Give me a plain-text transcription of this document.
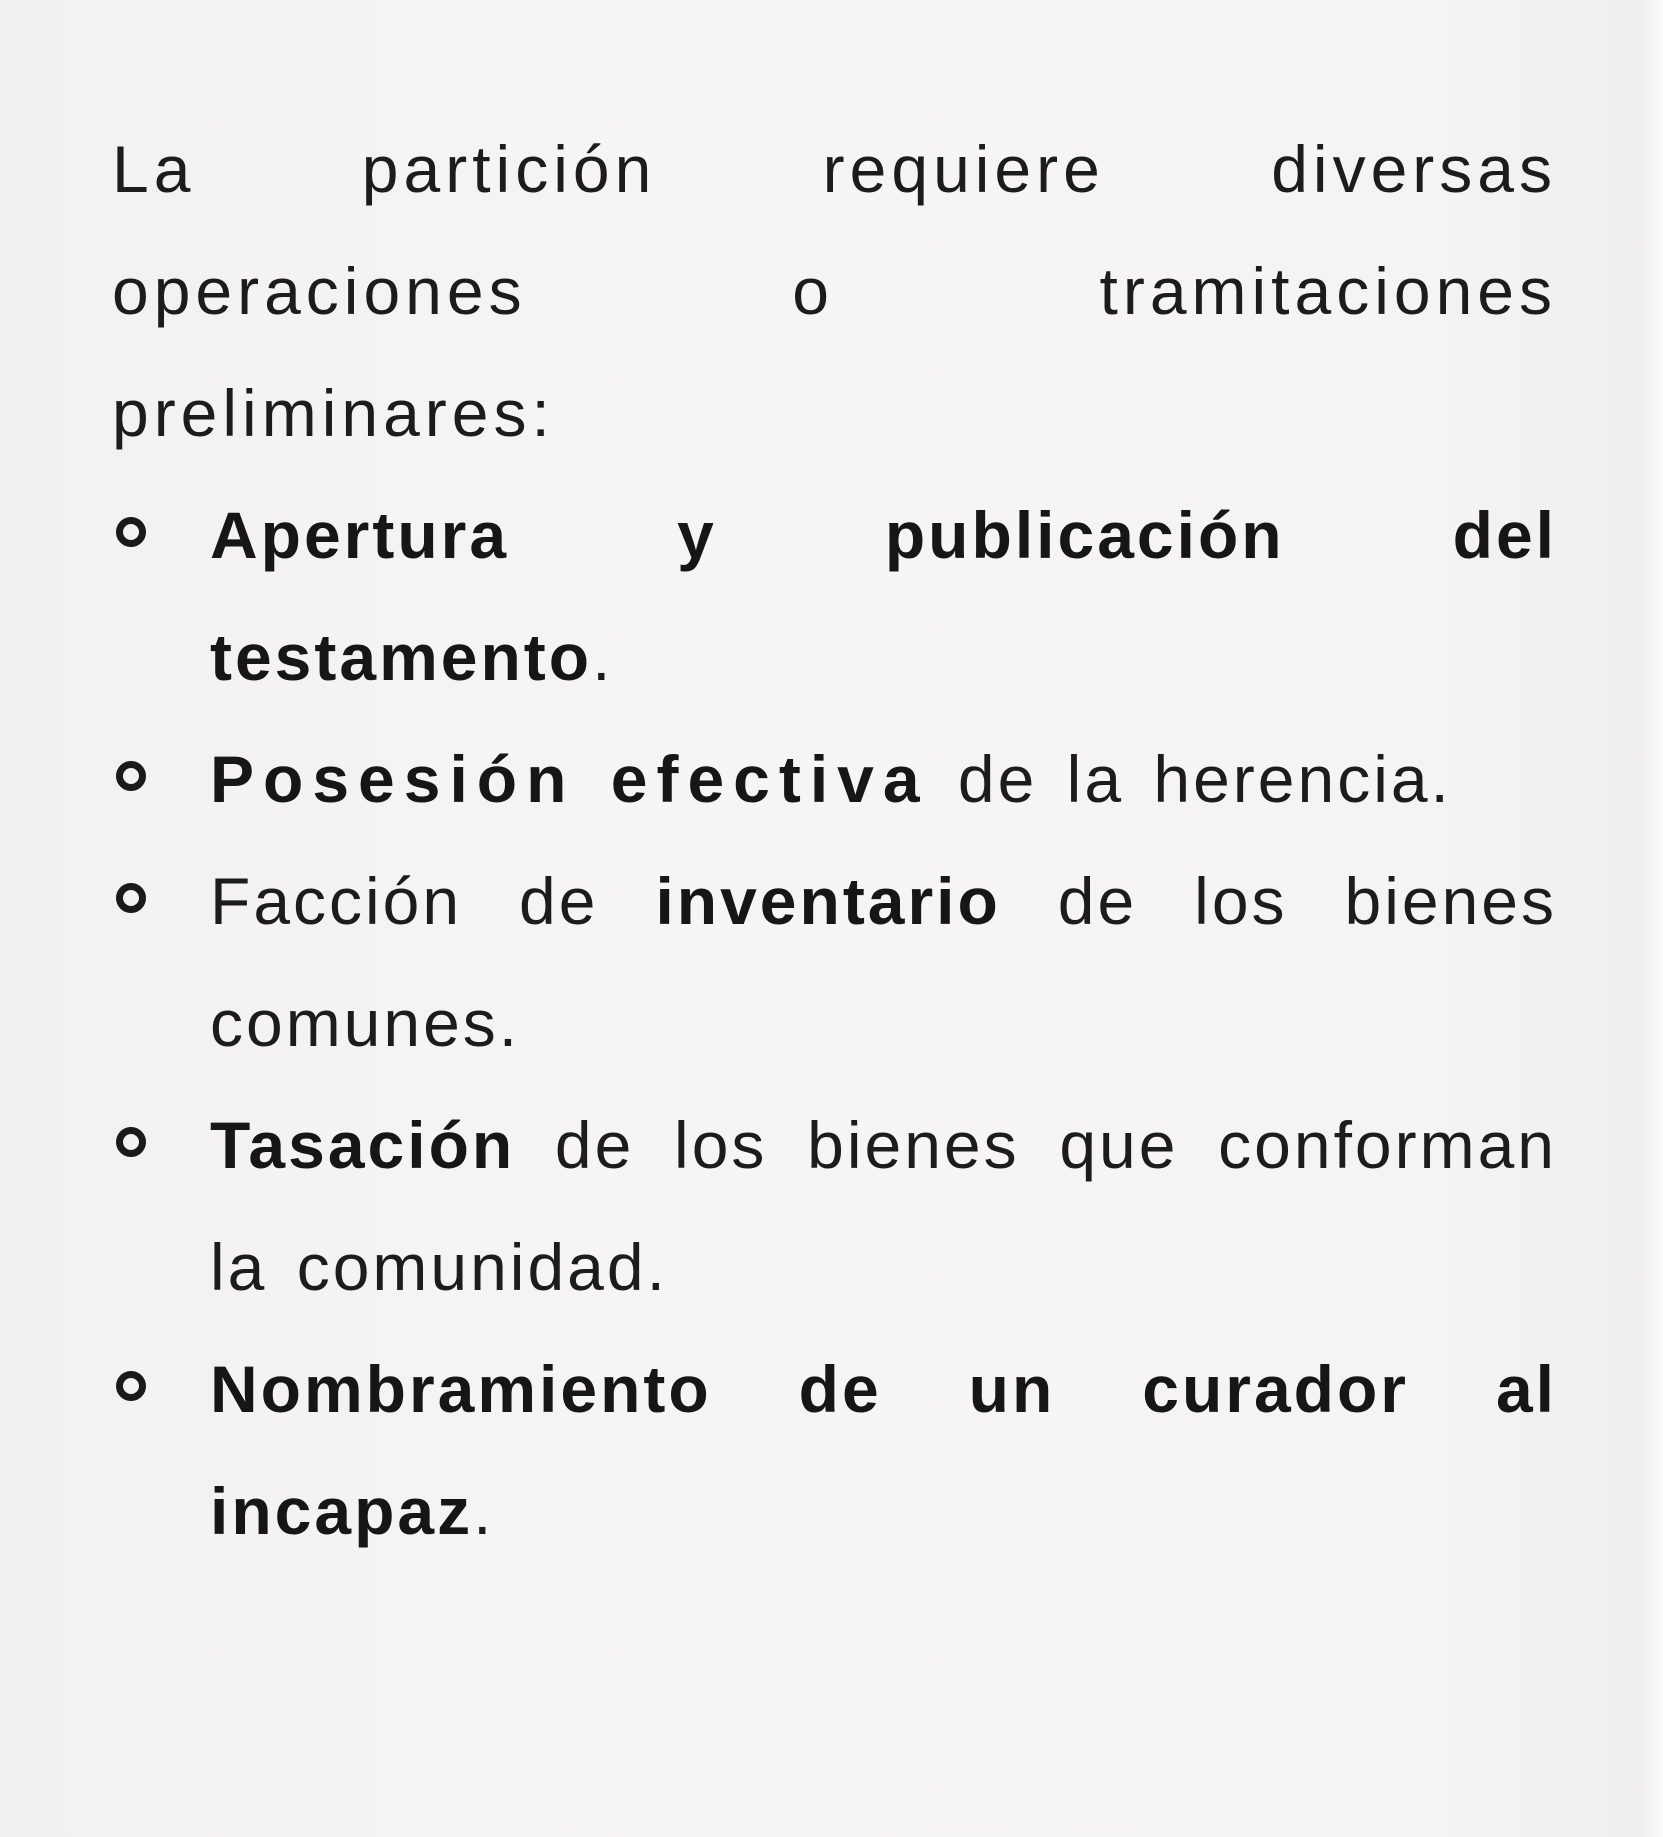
La partición requiere diversas operaciones o tramitaciones preliminares:

Apertura y publicación del testamento.
Posesión efectiva de la herencia.
Facción de inventario de los bienes comunes.
Tasación de los bienes que conforman la comunidad.
Nombramiento de un curador al incapaz.
